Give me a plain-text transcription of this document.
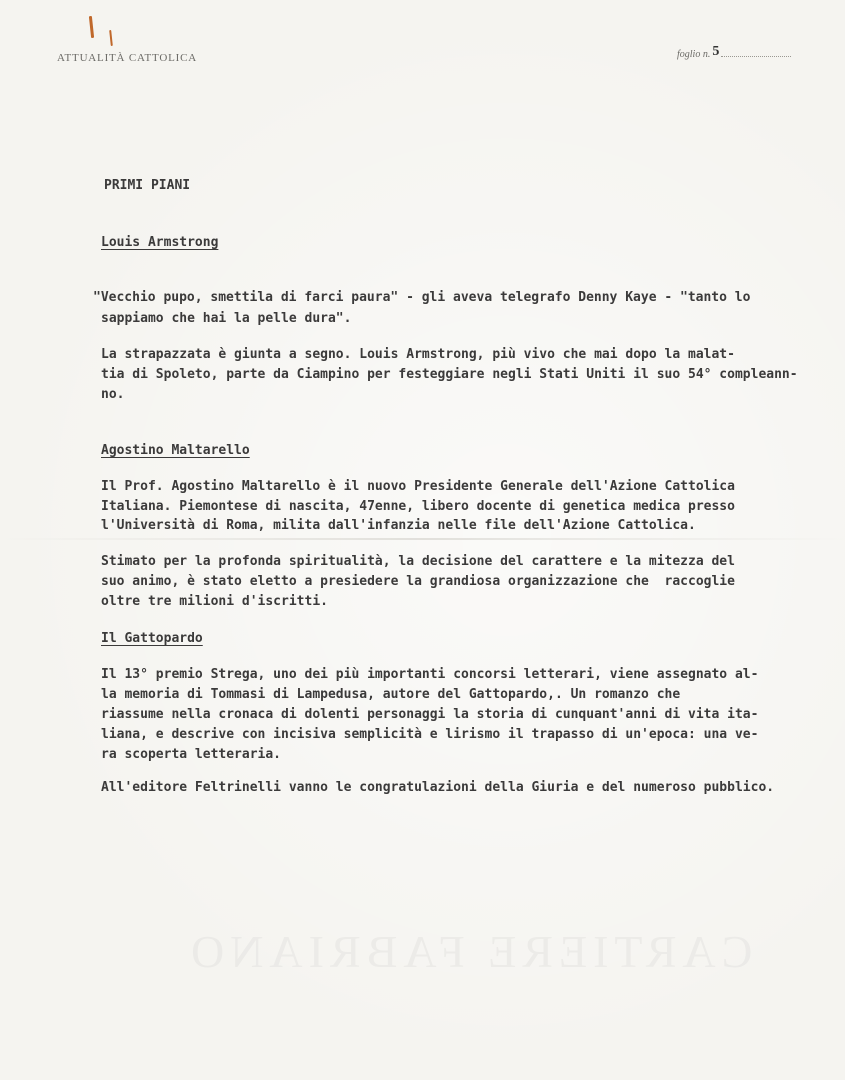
CARTIERE FABRIANO
ATTUALITÀ CATTOLICA	foglio n. 5
PRIMI PIANI
Louis Armstrong
"Vecchio pupo, smettila di farci paura" - gli aveva telegrafo Denny Kaye - "tanto lo
sappiamo che hai la pelle dura".
La strapazzata è giunta a segno. Louis Armstrong, più vivo che mai dopo la malat-
tia di Spoleto, parte da Ciampino per festeggiare negli Stati Uniti il suo 54° compleann-
no.
Agostino Maltarello
Il Prof. Agostino Maltarello è il nuovo Presidente Generale dell'Azione Cattolica
Italiana. Piemontese di nascita, 47enne, libero docente di genetica medica presso
l'Università di Roma, milita dall'infanzia nelle file dell'Azione Cattolica.
Stimato per la profonda spiritualità, la decisione del carattere e la mitezza del
suo animo, è stato eletto a presiedere la grandiosa organizzazione che  raccoglie
oltre tre milioni d'iscritti.
Il Gattopardo
Il 13° premio Strega, uno dei più importanti concorsi letterari, viene assegnato al-
la memoria di Tommasi di Lampedusa, autore del Gattopardo,. Un romanzo che
riassume nella cronaca di dolenti personaggi la storia di cunquant'anni di vita ita-
liana, e descrive con incisiva semplicità e lirismo il trapasso di un'epoca: una ve-
ra scoperta letteraria.
All'editore Feltrinelli vanno le congratulazioni della Giuria e del numeroso pubblico.
